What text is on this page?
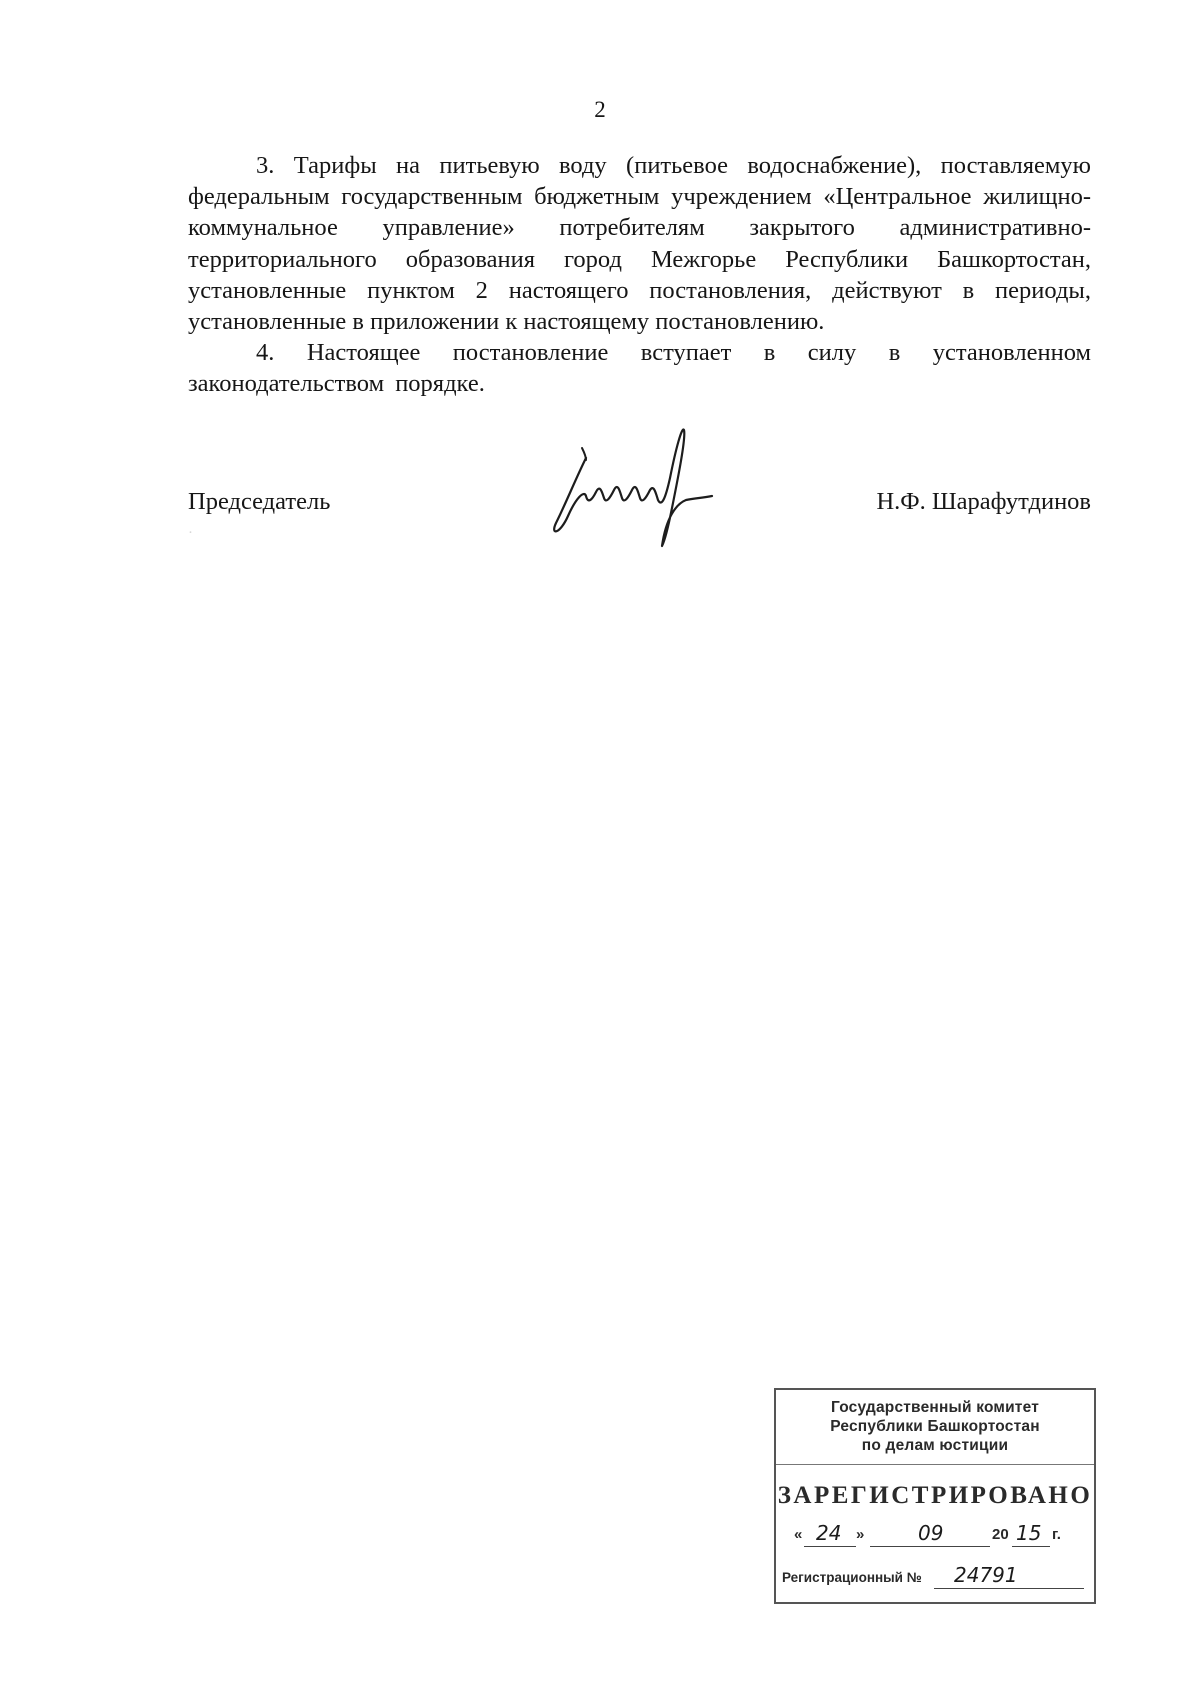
2

3. Тарифы на питьевую воду (питьевое водоснабжение), поставляемую федеральным государственным бюджетным учреждением «Центральное жилищно-коммунальное управление» потребителям закрытого административно-территориального образования город Межгорье Республики Башкортостан, установленные пунктом 2 настоящего постановления, действуют в периоды, установленные в приложении к настоящему постановлению.

4. Настоящее постановление вступает в силу в установленном законодательством порядке.

Председатель	Н.Ф. Шарафутдинов
·
Государственный комитет
Республики Башкортостан
по делам юстиции
ЗАРЕГИСТРИРОВАНО
« 24 »	09	20 15 г.
Регистрационный № 24791
